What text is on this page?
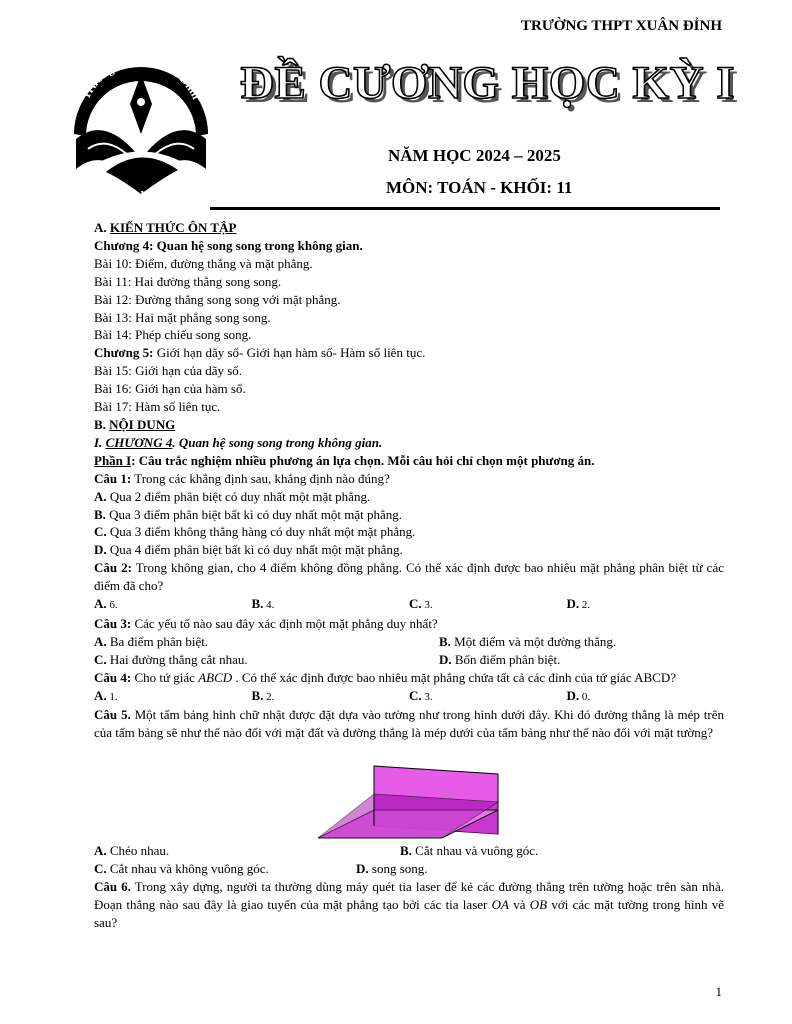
TRƯỜNG THPT XUÂN ĐỈNH
Trường THPT Xuân Đỉnh
HÀ NỘI
ĐỀ CƯƠNG HỌC KỲ I
NĂM HỌC 2024 – 2025
MÔN: TOÁN - KHỐI: 11
A. KIẾN THỨC ÔN TẬP
Chương 4: Quan hệ song song trong không gian.
Bài 10: Điểm, đường thẳng và mặt phẳng.
Bài 11: Hai đường thẳng song song.
Bài 12: Đường thẳng song song với mặt phẳng.
Bài 13: Hai mặt phẳng song song.
Bài 14: Phép chiếu song song.
Chương 5: Giới hạn dãy số- Giới hạn hàm số- Hàm số liên tục.
Bài 15: Giới hạn của dãy số.
Bài 16: Giới hạn của hàm số.
Bài 17: Hàm số liên tục.
B. NỘI DUNG
I. CHƯƠNG 4. Quan hệ song song trong không gian.
Phần I: Câu trắc nghiệm nhiều phương án lựa chọn. Mỗi câu hỏi chỉ chọn một phương án.
Câu 1: Trong các khẳng định sau, khẳng định nào đúng?
A. Qua 2 điểm phân biệt có duy nhất một mặt phẳng.
B. Qua 3 điểm phân biệt bất kì có duy nhất một mặt phẳng.
C. Qua 3 điểm không thẳng hàng có duy nhất một mặt phẳng.
D. Qua 4 điểm phân biệt bất kì có duy nhất một mặt phẳng.
Câu 2: Trong không gian, cho 4 điểm không đồng phẳng. Có thể xác định được bao nhiêu mặt phẳng phân biệt từ các điểm đã cho?
A. 6.	B. 4.	C. 3.	D. 2.
Câu 3: Các yếu tố nào sau đây xác định một mặt phẳng duy nhất?
A. Ba điểm phân biệt.	B. Một điểm và một đường thẳng.
C. Hai đường thẳng cắt nhau.	D. Bốn điểm phân biệt.
Câu 4: Cho tứ giác ABCD . Có thể xác định được bao nhiêu mặt phẳng chứa tất cả các đỉnh của tứ giác ABCD?
A. 1.	B. 2.	C. 3.	D. 0.
Câu 5. Một tấm bảng hình chữ nhật được đặt dựa vào tường như trong hình dưới đây. Khi đó đường thẳng là mép trên của tấm bảng sẽ như thế nào đối với mặt đất và đường thẳng là mép dưới của tấm bảng như thế nào đối với mặt tường?
A. Chéo nhau.	B. Cắt nhau và vuông góc.
C. Cắt nhau và không vuông góc.	D. song song.
Câu 6. Trong xây dựng, người ta thường dùng máy quét tia laser để kẻ các đường thẳng trên tường hoặc trên sàn nhà. Đoạn thẳng nào sau đây là giao tuyến của mặt phẳng tạo bởi các tia laser OA và OB với các mặt tường trong hình vẽ sau?
1
